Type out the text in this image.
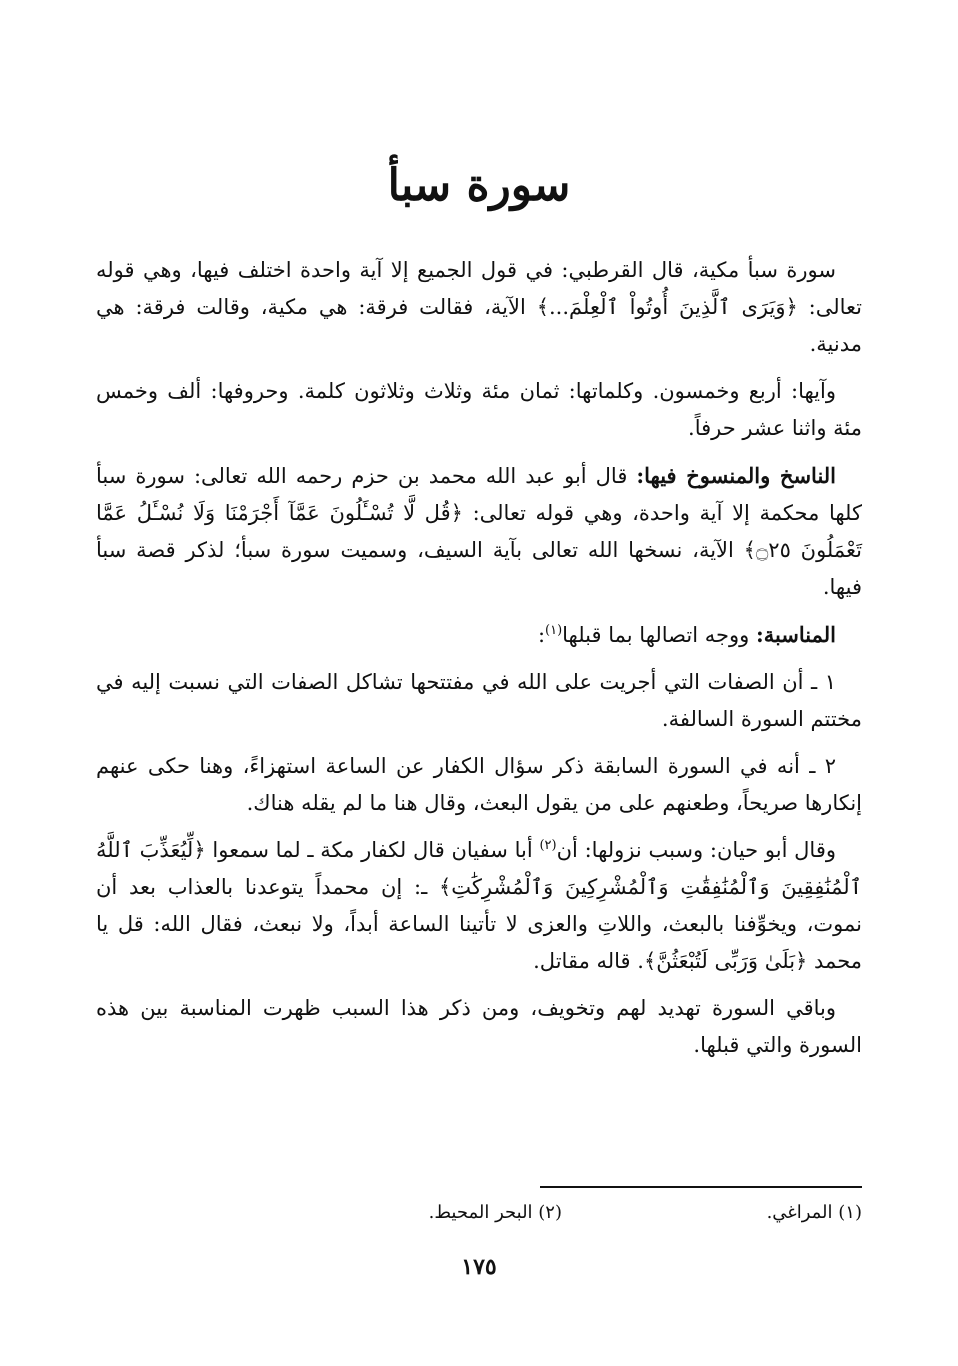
سورة سبأ

سورة سبأ مكية، قال القرطبي: في قول الجميع إلا آية واحدة اختلف فيها، وهي قوله تعالى: ﴿وَيَرَى ٱلَّذِينَ أُوتُواْ ٱلْعِلْمَ...﴾ الآية، فقالت فرقة: هي مكية، وقالت فرقة: هي مدنية.

وآيها: أربع وخمسون. وكلماتها: ثمان مئة وثلاث وثلاثون كلمة. وحروفها: ألف وخمس مئة واثنا عشر حرفاً.

الناسخ والمنسوخ فيها: قال أبو عبد الله محمد بن حزم رحمه الله تعالى: سورة سبأ كلها محكمة إلا آية واحدة، وهي قوله تعالى: ﴿قُل لَّا تُسْـَٔلُونَ عَمَّآ أَجْرَمْنَا وَلَا نُسْـَٔلُ عَمَّا تَعْمَلُونَ ۝٢٥﴾ الآية، نسخها الله تعالى بآية السيف، وسميت سورة سبأ؛ لذكر قصة سبأ فيها.

المناسبة: ووجه اتصالها بما قبلها$^{(١)}$:

١ ـ أن الصفات التي أجريت على الله في مفتتحها تشاكل الصفات التي نسبت إليه في مختتم السورة السالفة.

٢ ـ أنه في السورة السابقة ذكر سؤال الكفار عن الساعة استهزاءً، وهنا حكى عنهم إنكارها صريحاً، وطعنهم على من يقول البعث، وقال هنا ما لم يقله هناك.

وقال أبو حيان: وسبب نزولها: أن$^{(٢)}$ أبا سفيان قال لكفار مكة ـ لما سمعوا ﴿لِّيُعَذِّبَ ٱللَّهُ ٱلْمُنَٰفِقِينَ وَٱلْمُنَٰفِقَٰتِ وَٱلْمُشْرِكِينَ وَٱلْمُشْرِكَٰتِ﴾ ـ: إن محمداً يتوعدنا بالعذاب بعد أن نموت، ويخوِّفنا بالبعث، واللاتِ والعزى لا تأتينا الساعة أبداً، ولا نبعث، فقال الله: قل يا محمد ﴿بَلَىٰ وَرَبِّى لَتُبْعَثُنَّ﴾. قاله مقاتل.

وباقي السورة تهديد لهم وتخويف، ومن ذكر هذا السبب ظهرت المناسبة بين هذه السورة والتي قبلها.

(١) المراغي.
(٢) البحر المحيط.
١٧٥
